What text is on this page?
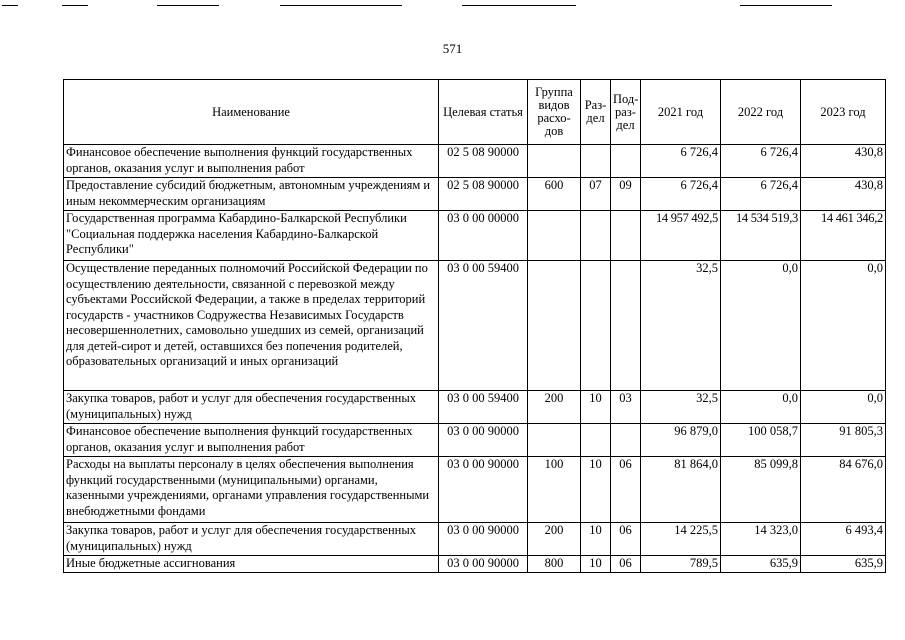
571
Наименование	Целевая статья	Группа видов расхо-дов	Раз-дел	Под-раз-дел	2021 год	2022 год	2023 год
Финансовое обеспечение выполнения функций государственных органов, оказания услуг и выполнения работ	02 5 08 90000				6 726,4	6 726,4	430,8
Предоставление субсидий бюджетным, автономным учреждениям и иным некоммерческим организациям	02 5 08 90000	600	07	09	6 726,4	6 726,4	430,8
Государственная программа Кабардино-Балкарской Республики "Социальная поддержка населения Кабардино-Балкарской Республики"	03 0 00 00000				14 957 492,5	14 534 519,3	14 461 346,2
Осуществление переданных полномочий Российской Федерации по осуществлению деятельности, связанной с перевозкой между субъектами Российской Федерации, а также в пределах территорий государств - участников Содружества Независимых Государств несовершеннолетних, самовольно ушедших из семей, организаций для детей-сирот и детей, оставшихся без попечения родителей, образовательных организаций и иных организаций	03 0 00 59400				32,5	0,0	0,0
Закупка товаров, работ и услуг для обеспечения государственных (муниципальных) нужд	03 0 00 59400	200	10	03	32,5	0,0	0,0
Финансовое обеспечение выполнения функций государственных органов, оказания услуг и выполнения работ	03 0 00 90000				96 879,0	100 058,7	91 805,3
Расходы на выплаты персоналу в целях обеспечения выполнения функций государственными (муниципальными) органами, казенными учреждениями, органами управления государственными внебюджетными фондами	03 0 00 90000	100	10	06	81 864,0	85 099,8	84 676,0
Закупка товаров, работ и услуг для обеспечения государственных (муниципальных) нужд	03 0 00 90000	200	10	06	14 225,5	14 323,0	6 493,4
Иные бюджетные ассигнования	03 0 00 90000	800	10	06	789,5	635,9	635,9
